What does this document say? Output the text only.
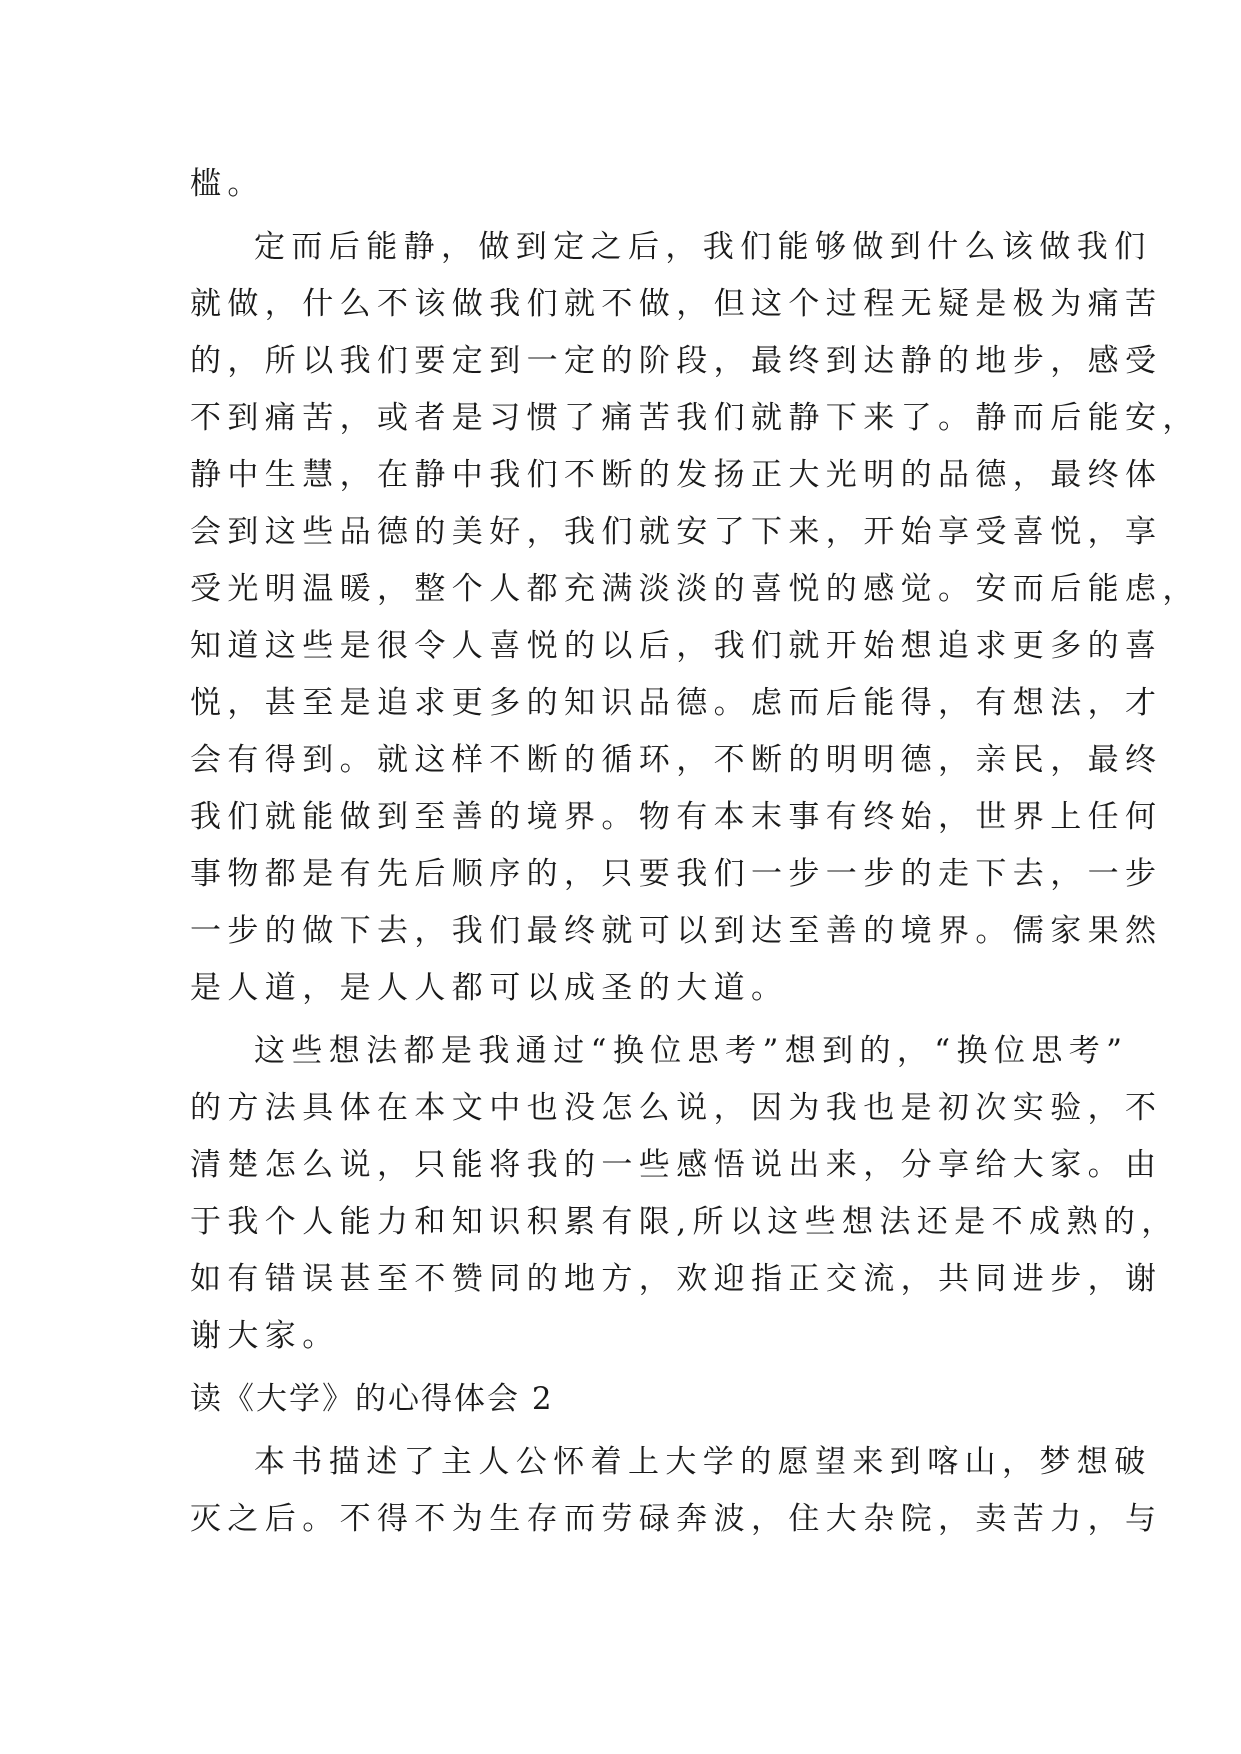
槛。
定而后能静，做到定之后，我们能够做到什么该做我们
就做，什么不该做我们就不做，但这个过程无疑是极为痛苦
的，所以我们要定到一定的阶段，最终到达静的地步，感受
不到痛苦，或者是习惯了痛苦我们就静下来了。静而后能安，
静中生慧，在静中我们不断的发扬正大光明的品德，最终体
会到这些品德的美好，我们就安了下来，开始享受喜悦，享
受光明温暖，整个人都充满淡淡的喜悦的感觉。安而后能虑，
知道这些是很令人喜悦的以后，我们就开始想追求更多的喜
悦，甚至是追求更多的知识品德。虑而后能得，有想法，才
会有得到。就这样不断的循环，不断的明明德，亲民，最终
我们就能做到至善的境界。物有本末事有终始，世界上任何
事物都是有先后顺序的，只要我们一步一步的走下去，一步
一步的做下去，我们最终就可以到达至善的境界。儒家果然
是人道，是人人都可以成圣的大道。
这些想法都是我通过“换位思考”想到的，“换位思考”
的方法具体在本文中也没怎么说，因为我也是初次实验，不
清楚怎么说，只能将我的一些感悟说出来，分享给大家。由
于我个人能力和知识积累有限,所以这些想法还是不成熟的，
如有错误甚至不赞同的地方，欢迎指正交流，共同进步，谢
谢大家。
读《大学》的心得体会 2
本书描述了主人公怀着上大学的愿望来到喀山，梦想破
灭之后。不得不为生存而劳碌奔波，住大杂院，卖苦力，与
